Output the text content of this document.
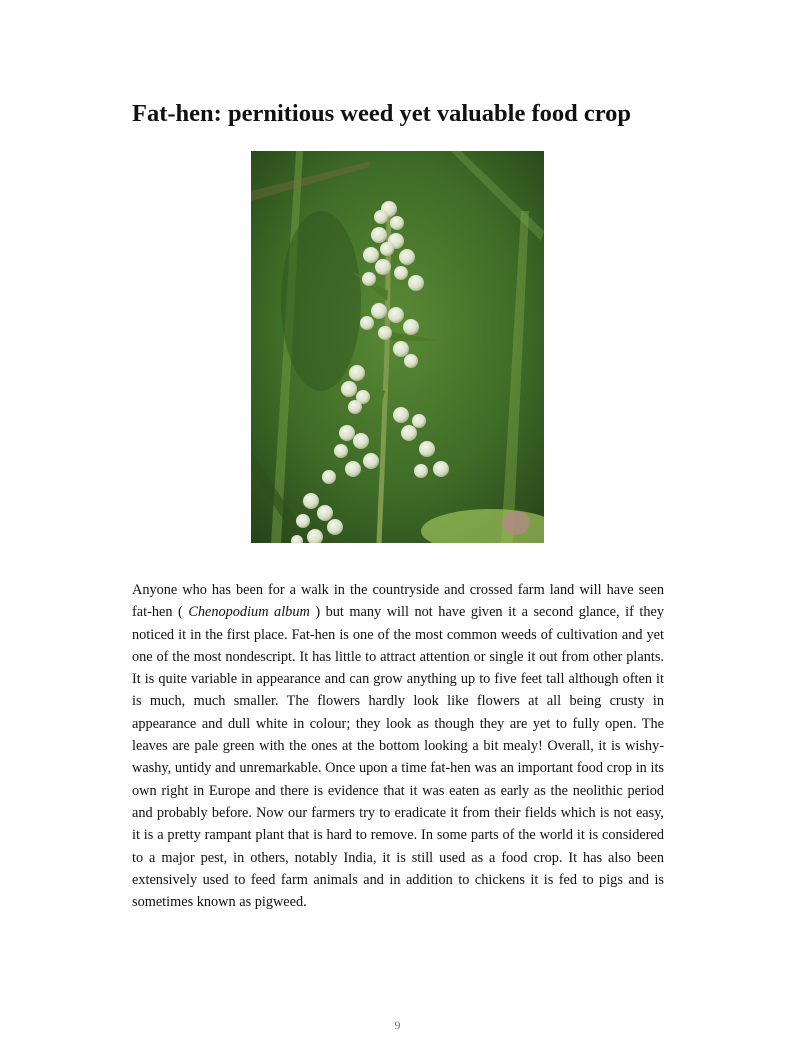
Fat-hen: pernitious weed yet valuable food crop

Anyone who has been for a walk in the countryside and crossed farm land will have seen fat-hen ( Chenopodium album ) but many will not have given it a second glance, if they noticed it in the first place. Fat-hen is one of the most common weeds of cultivation and yet one of the most nondescript. It has little to attract attention or single it out from other plants. It is quite variable in appearance and can grow anything up to five feet tall although often it is much, much smaller. The flowers hardly look like flowers at all being crusty in appearance and dull white in colour; they look as though they are yet to fully open. The leaves are pale green with the ones at the bottom looking a bit mealy! Overall, it is wishy-washy, untidy and unremarkable. Once upon a time fat-hen was an important food crop in its own right in Europe and there is evidence that it was eaten as early as the neolithic period and probably before. Now our farmers try to eradicate it from their fields which is not easy, it is a pretty rampant plant that is hard to remove. In some parts of the world it is considered to a major pest, in others, notably India, it is still used as a food crop. It has also been extensively used to feed farm animals and in addition to chickens it is fed to pigs and is sometimes known as pigweed.

9
